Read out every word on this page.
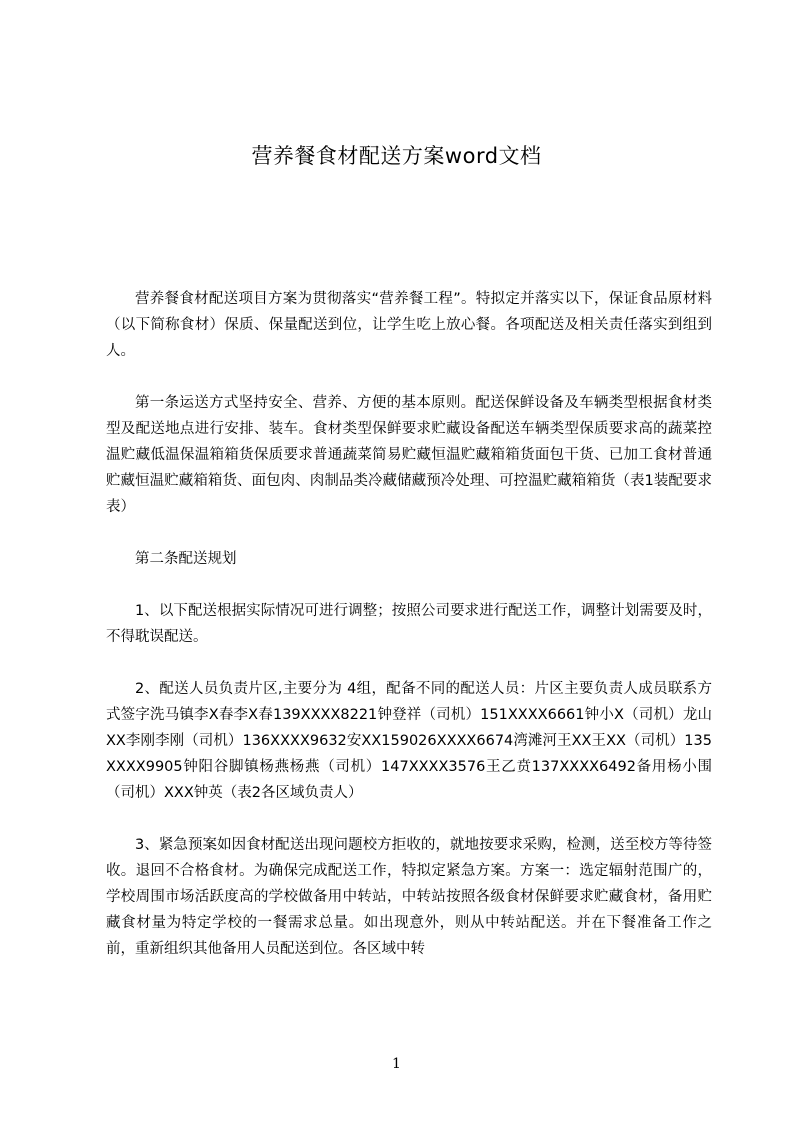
营养餐食材配送方案word文档

营养餐食材配送项目方案为贯彻落实“营养餐工程”。特拟定并落实以下，保证食品原材料（以下简称食材）保质、保量配送到位，让学生吃上放心餐。各项配送及相关责任落实到组到人。

第一条运送方式坚持安全、营养、方便的基本原则。配送保鲜设备及车辆类型根据食材类型及配送地点进行安排、装车。食材类型保鲜要求贮藏设备配送车辆类型保质要求高的蔬菜控温贮藏低温保温箱箱货保质要求普通蔬菜简易贮藏恒温贮藏箱箱货面包干货、已加工食材普通贮藏恒温贮藏箱箱货、面包肉、肉制品类冷藏储藏预冷处理、可控温贮藏箱箱货（表1装配要求表）

第二条配送规划

1、以下配送根据实际情况可进行调整；按照公司要求进行配送工作，调整计划需要及时，不得耽误配送。

2、配送人员负责片区,主要分为 4组，配备不同的配送人员：片区主要负责人成员联系方式签字洗马镇李X春李X春139XXXX8221钟登祥（司机）151XXXX6661钟小X（司机）龙山XX李刚李刚（司机）136XXXX9632安XX159026XXXX6674湾滩河王XX王XX（司机）135XXXX9905钟阳谷脚镇杨燕杨燕（司机）147XXXX3576王乙贲137XXXX6492备用杨小围（司机）XXX钟英（表2各区域负责人）

3、紧急预案如因食材配送出现问题校方拒收的，就地按要求采购，检测，送至校方等待签收。退回不合格食材。为确保完成配送工作，特拟定紧急方案。方案一：选定辐射范围广的，学校周围市场活跃度高的学校做备用中转站，中转站按照各级食材保鲜要求贮藏食材，备用贮藏食材量为特定学校的一餐需求总量。如出现意外，则从中转站配送。并在下餐准备工作之前，重新组织其他备用人员配送到位。各区域中转

1
